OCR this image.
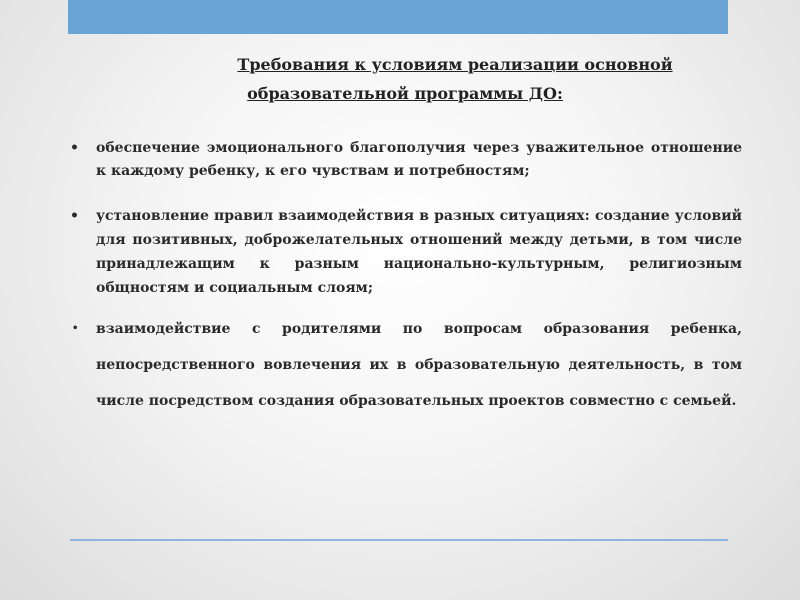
Требования к условиям реализации основной
образовательной программы ДО:
• обеспечение эмоционального благополучия через уважительное отношение к каждому ребенку, к его чувствам и потребностям;
• установление правил взаимодействия в разных ситуациях: создание условий для позитивных, доброжелательных отношений между детьми, в том числе принадлежащим к разным национально-культурным, религиозным общностям и социальным слоям;
• взаимодействие с родителями по вопросам образования ребенка, непосредственного вовлечения их в образовательную деятельность, в том числе посредством создания образовательных проектов совместно с семьей.
